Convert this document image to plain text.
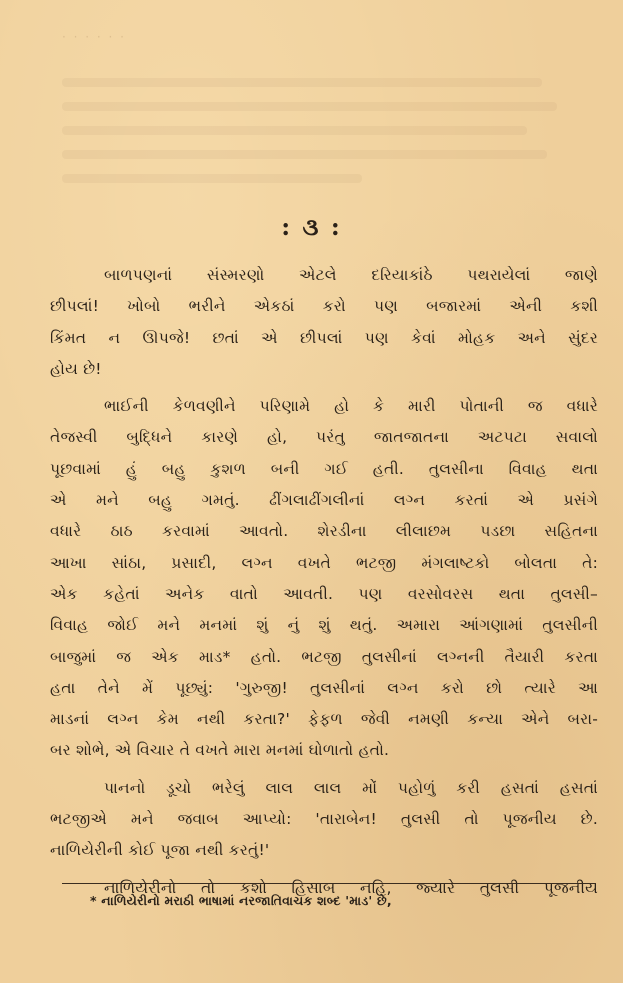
· · · · · ·
: ૩ :

બાળપણનાં સંસ્મરણો એટલે દરિયાકાંઠે પથરાયેલાં જાણે
છીપલાં! ખોબો ભરીને એકઠાં કરો પણ બજારમાં એની કશી
કિંમત ન ઊપજે! છતાં એ છીપલાં પણ કેવાં મોહક અને સુંદર
હોય છે!

ભાઈની કેળવણીને પરિણામે હો કે મારી પોતાની જ વધારે
તેજસ્વી બુદ્ધિને કારણે હો, પરંતુ જાતજાતના અટપટા સવાલો
પૂછવામાં હું બહુ કુશળ બની ગઈ હતી. તુલસીના વિવાહ થતા
એ મને બહુ ગમતું. ઢીંગલાઢીંગલીનાં લગ્ન કરતાં એ પ્રસંગે
વધારે ઠાઠ કરવામાં આવતો. શેરડીના લીલાછમ પડછા સહિતના
આખા સાંઠા, પ્રસાદી, લગ્ન વખતે ભટજી મંગલાષ્ટકો બોલતા તે:
એક કહેતાં અનેક વાતો આવતી. પણ વરસોવરસ થતા તુલસી–
વિવાહ જોઈ મને મનમાં શું નું શું થતું. અમારા આંગણામાં તુલસીની
બાજુમાં જ એક માડ* હતો. ભટજી તુલસીનાં લગ્નની તૈયારી કરતા
હતા તેને મેં પૂછ્યું: 'ગુરુજી! તુલસીનાં લગ્ન કરો છો ત્યારે આ
માડનાં લગ્ન કેમ નથી કરતા?' ફેફળ જેવી નમણી કન્યા એને બરા-
બર શોભે, એ વિચાર તે વખતે મારા મનમાં ઘોળાતો હતો.

પાનનો ડૂચો ભરેલું લાલ લાલ મોં પહોળું કરી હસતાં હસતાં
ભટજીએ મને જવાબ આપ્યો: 'તારાબેન! તુલસી તો પૂજનીય છે.
નાળિયેરીની કોઈ પૂજા નથી કરતું!'

નાળિયેરીનો તો કશો હિસાબ નહિ, જ્યારે તુલસી પૂજનીય

* નાળિયેરીનો મરાઠી ભાષામાં નરજાતિવાચક શબ્દ 'માડ' છે,
